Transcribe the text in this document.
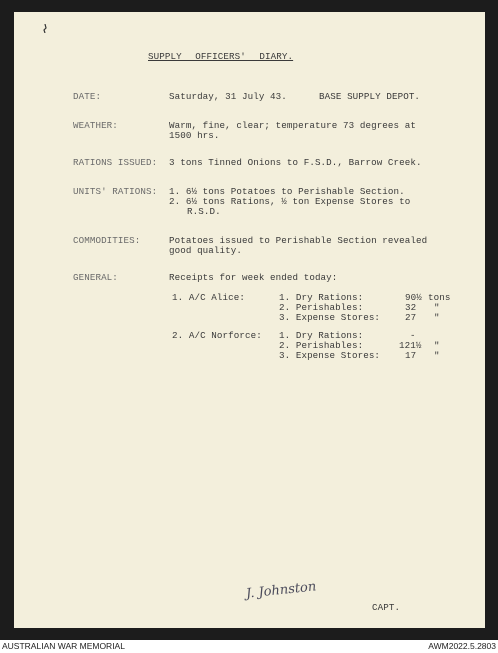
SUPPLY OFFICERS' DIARY.
DATE:	Saturday, 31 July 43.	BASE SUPPLY DEPOT.
WEATHER:	Warm, fine, clear; temperature 73 degrees at
1500 hrs.
RATIONS ISSUED: 3 tons Tinned Onions to F.S.D., Barrow Creek.
UNITS' RATIONS: 1. 6½ tons Potatoes to Perishable Section.
2. 6½ tons Rations, ½ ton Expense Stores to
R.S.D.
COMMODITIES:	Potatoes issued to Perishable Section revealed
good quality.
GENERAL:	Receipts for week ended today:
1. A/C Alice:	1. Dry Rations:	90½ tons
2. Perishables:	32 "
3. Expense Stores:	27 "
2. A/C Norforce: 1. Dry Rations:	-
2. Perishables:	121½ "
3. Expense Stores:	17 "
J. Johnston
CAPT.
AUSTRALIAN WAR MEMORIAL	AWM2022.5.2803
